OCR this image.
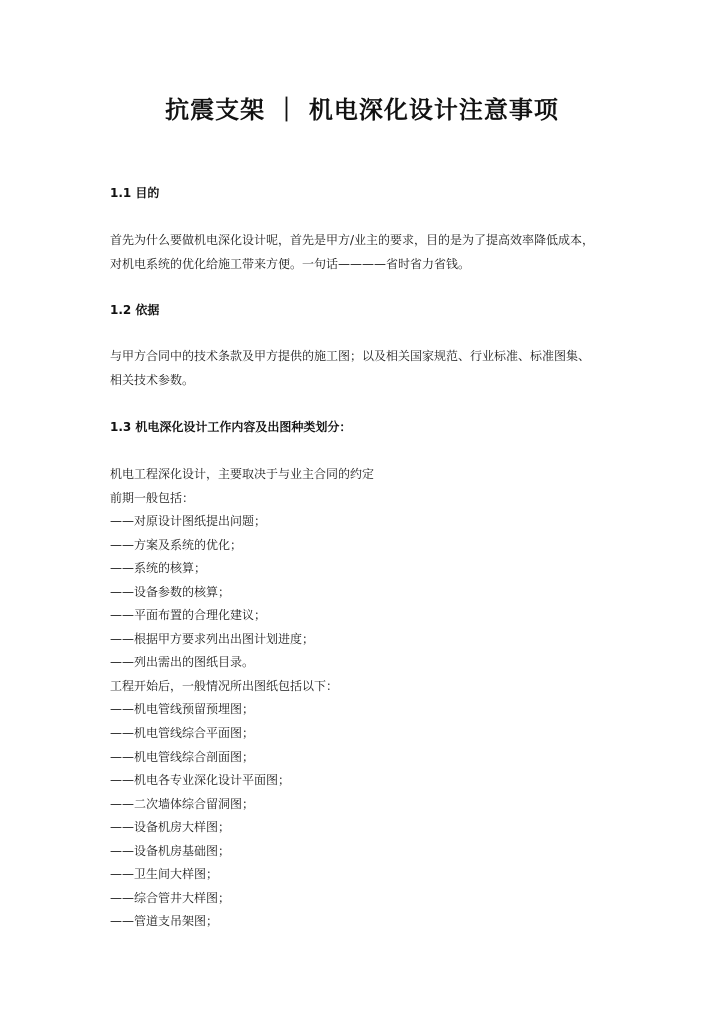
抗震支架 ｜ 机电深化设计注意事项
1.1 目的

首先为什么要做机电深化设计呢，首先是甲方/业主的要求，目的是为了提高效率降低成本，

对机电系统的优化给施工带来方便。一句话————省时省力省钱。

1.2 依据

与甲方合同中的技术条款及甲方提供的施工图；以及相关国家规范、行业标准、标准图集、

相关技术参数。

1.3 机电深化设计工作内容及出图种类划分：
机电工程深化设计，主要取决于与业主合同的约定
前期一般包括：
——对原设计图纸提出问题；
——方案及系统的优化；
——系统的核算；
——设备参数的核算；
——平面布置的合理化建议；
——根据甲方要求列出出图计划进度；
——列出需出的图纸目录。
工程开始后，一般情况所出图纸包括以下：
——机电管线预留预埋图；
——机电管线综合平面图；
——机电管线综合剖面图；
——机电各专业深化设计平面图；
——二次墙体综合留洞图；
——设备机房大样图；
——设备机房基础图；
——卫生间大样图；
——综合管井大样图；
——管道支吊架图；
